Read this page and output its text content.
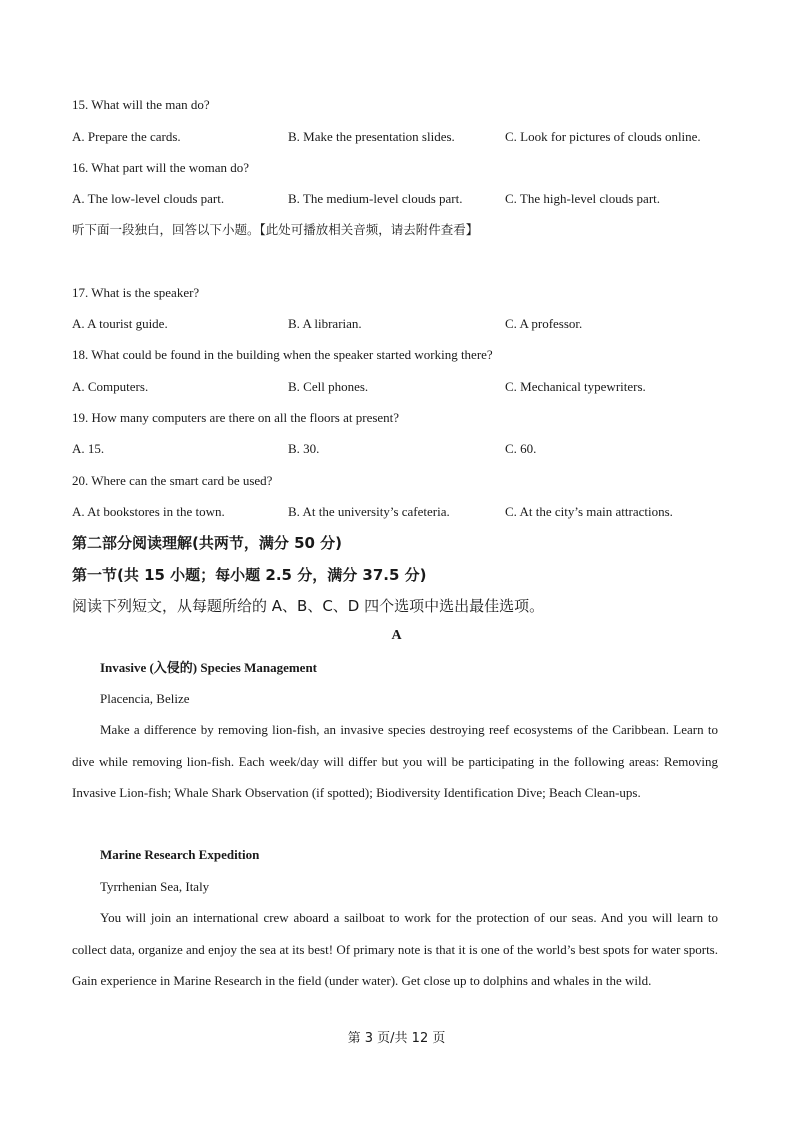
15. What will the man do?
A. Prepare the cards.	B. Make the presentation slides.	C. Look for pictures of clouds online.
16. What part will the woman do?
A. The low-level clouds part.	B. The medium-level clouds part.	C. The high-level clouds part.
听下面一段独白，回答以下小题。【此处可播放相关音频，请去附件查看】
17. What is the speaker?
A. A tourist guide.	B. A librarian.	C. A professor.
18. What could be found in the building when the speaker started working there?
A. Computers.	B. Cell phones.	C. Mechanical typewriters.
19. How many computers are there on all the floors at present?
A. 15.	B. 30.	C. 60.
20. Where can the smart card be used?
A. At bookstores in the town.	B. At the university’s cafeteria.	C. At the city’s main attractions.
第二部分阅读理解(共两节，满分 50 分)
第一节(共 15 小题；每小题 2.5 分，满分 37.5 分)
阅读下列短文，从每题所给的 A、B、C、D 四个选项中选出最佳选项。
A
Invasive (入侵的) Species Management
Placencia, Belize
Make a difference by removing lion-fish, an invasive species destroying reef ecosystems of the Caribbean. Learn to dive while removing lion-fish. Each week/day will differ but you will be participating in the following areas: Removing Invasive Lion-fish; Whale Shark Observation (if spotted); Biodiversity Identification Dive; Beach Clean-ups.
Marine Research Expedition
Tyrrhenian Sea, Italy
You will join an international crew aboard a sailboat to work for the protection of our seas. And you will learn to collect data, organize and enjoy the sea at its best! Of primary note is that it is one of the world’s best spots for water sports. Gain experience in Marine Research in the field (under water). Get close up to dolphins and whales in the wild.
第 3 页/共 12 页
